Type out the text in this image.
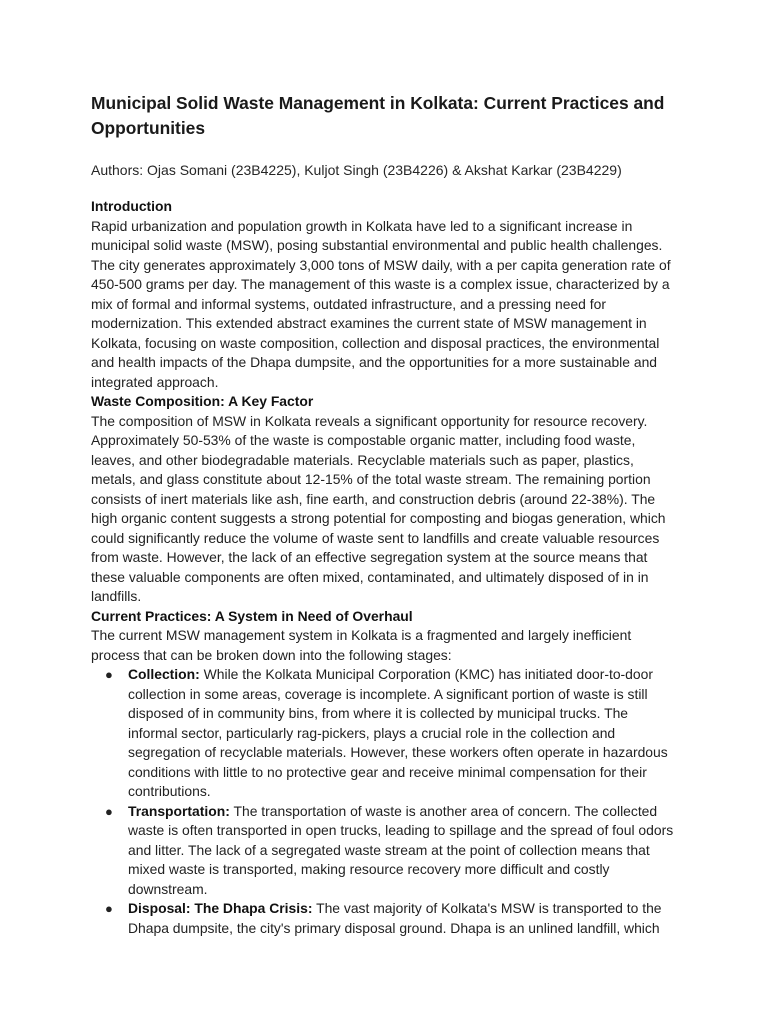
Municipal Solid Waste Management in Kolkata: Current Practices and Opportunities

Authors: Ojas Somani (23B4225), Kuljot Singh (23B4226) & Akshat Karkar (23B4229)

Introduction

Rapid urbanization and population growth in Kolkata have led to a significant increase in municipal solid waste (MSW), posing substantial environmental and public health challenges. The city generates approximately 3,000 tons of MSW daily, with a per capita generation rate of 450-500 grams per day. The management of this waste is a complex issue, characterized by a mix of formal and informal systems, outdated infrastructure, and a pressing need for modernization. This extended abstract examines the current state of MSW management in Kolkata, focusing on waste composition, collection and disposal practices, the environmental and health impacts of the Dhapa dumpsite, and the opportunities for a more sustainable and integrated approach.

Waste Composition: A Key Factor

The composition of MSW in Kolkata reveals a significant opportunity for resource recovery. Approximately 50-53% of the waste is compostable organic matter, including food waste, leaves, and other biodegradable materials. Recyclable materials such as paper, plastics, metals, and glass constitute about 12-15% of the total waste stream. The remaining portion consists of inert materials like ash, fine earth, and construction debris (around 22-38%). The high organic content suggests a strong potential for composting and biogas generation, which could significantly reduce the volume of waste sent to landfills and create valuable resources from waste. However, the lack of an effective segregation system at the source means that these valuable components are often mixed, contaminated, and ultimately disposed of in in landfills.

Current Practices: A System in Need of Overhaul

The current MSW management system in Kolkata is a fragmented and largely inefficient process that can be broken down into the following stages:

● Collection: While the Kolkata Municipal Corporation (KMC) has initiated door-to-door collection in some areas, coverage is incomplete. A significant portion of waste is still disposed of in community bins, from where it is collected by municipal trucks. The informal sector, particularly rag-pickers, plays a crucial role in the collection and segregation of recyclable materials. However, these workers often operate in hazardous conditions with little to no protective gear and receive minimal compensation for their contributions.
● Transportation: The transportation of waste is another area of concern. The collected waste is often transported in open trucks, leading to spillage and the spread of foul odors and litter. The lack of a segregated waste stream at the point of collection means that mixed waste is transported, making resource recovery more difficult and costly downstream.
● Disposal: The Dhapa Crisis: The vast majority of Kolkata's MSW is transported to the Dhapa dumpsite, the city's primary disposal ground. Dhapa is an unlined landfill, which
